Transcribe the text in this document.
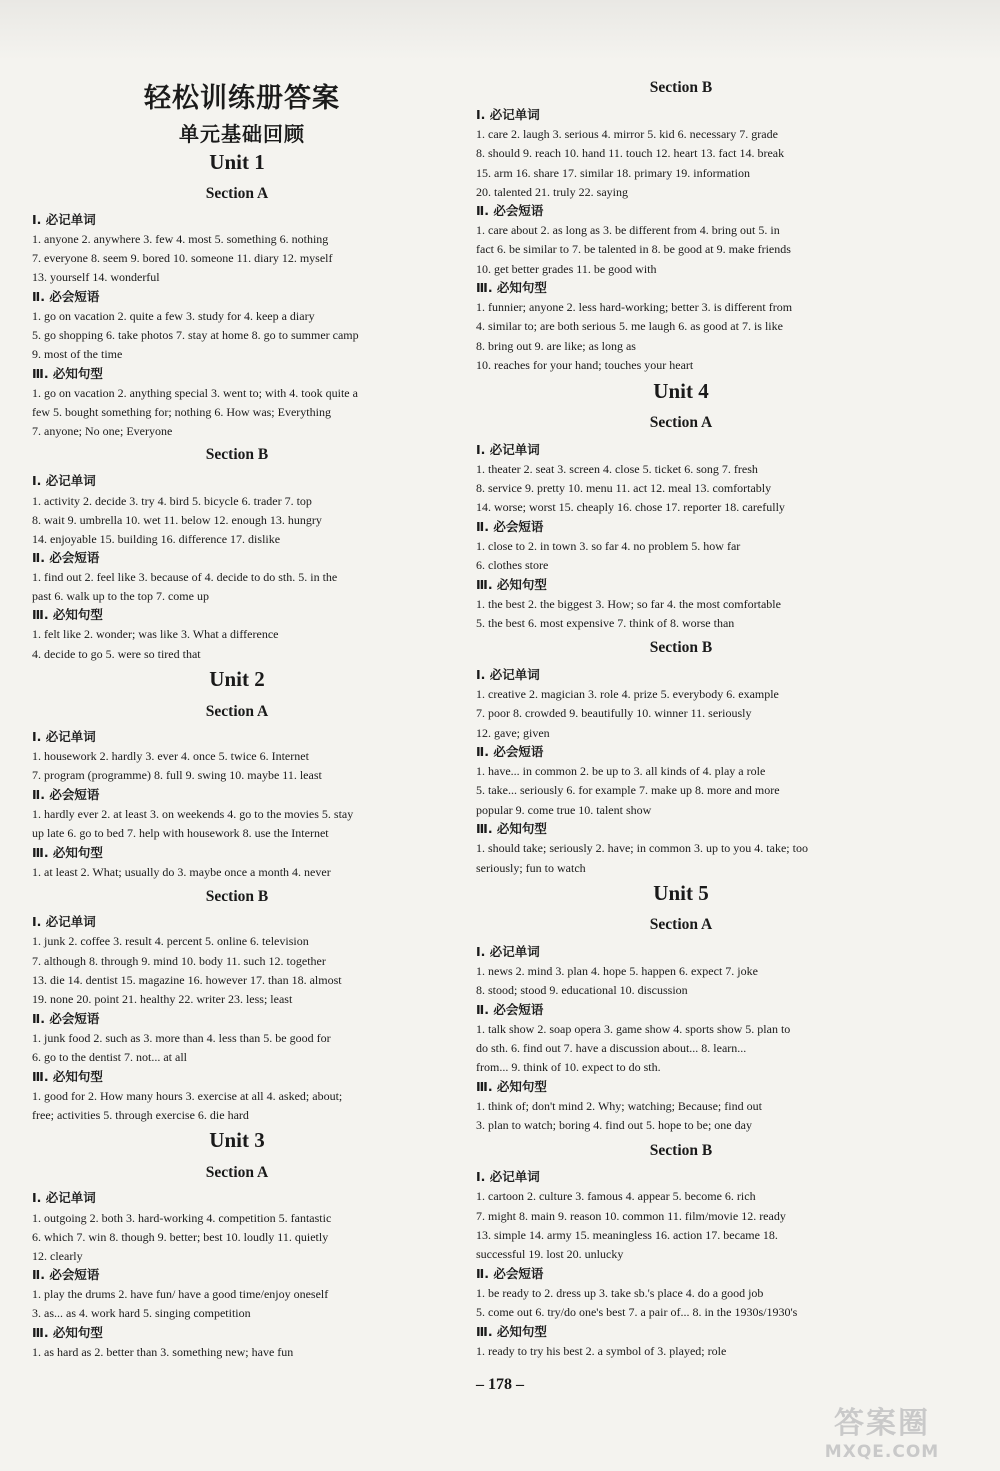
轻松训练册答案
单元基础回顾
Unit 1
Section A
Ⅰ. 必记单词
1. anyone 2. anywhere 3. few 4. most 5. something 6. nothing
7. everyone 8. seem 9. bored 10. someone 11. diary 12. myself
13. yourself 14. wonderful
Ⅱ. 必会短语
1. go on vacation 2. quite a few 3. study for 4. keep a diary
5. go shopping 6. take photos 7. stay at home 8. go to summer camp
9. most of the time
Ⅲ. 必知句型
1. go on vacation 2. anything special 3. went to; with 4. took quite a
few 5. bought something for; nothing 6. How was; Everything
7. anyone; No one; Everyone
Section B
Ⅰ. 必记单词
1. activity 2. decide 3. try 4. bird 5. bicycle 6. trader 7. top
8. wait 9. umbrella 10. wet 11. below 12. enough 13. hungry
14. enjoyable 15. building 16. difference 17. dislike
Ⅱ. 必会短语
1. find out 2. feel like 3. because of 4. decide to do sth. 5. in the
past 6. walk up to the top 7. come up
Ⅲ. 必知句型
1. felt like 2. wonder; was like 3. What a difference
4. decide to go 5. were so tired that
Unit 2
Section A
Ⅰ. 必记单词
1. housework 2. hardly 3. ever 4. once 5. twice 6. Internet
7. program (programme) 8. full 9. swing 10. maybe 11. least
Ⅱ. 必会短语
1. hardly ever 2. at least 3. on weekends 4. go to the movies 5. stay
up late 6. go to bed 7. help with housework 8. use the Internet
Ⅲ. 必知句型
1. at least 2. What; usually do 3. maybe once a month 4. never
Section B
Ⅰ. 必记单词
1. junk 2. coffee 3. result 4. percent 5. online 6. television
7. although 8. through 9. mind 10. body 11. such 12. together
13. die 14. dentist 15. magazine 16. however 17. than 18. almost
19. none 20. point 21. healthy 22. writer 23. less; least
Ⅱ. 必会短语
1. junk food 2. such as 3. more than 4. less than 5. be good for
6. go to the dentist 7. not... at all
Ⅲ. 必知句型
1. good for 2. How many hours 3. exercise at all 4. asked; about;
free; activities 5. through exercise 6. die hard
Unit 3
Section A
Ⅰ. 必记单词
1. outgoing 2. both 3. hard-working 4. competition 5. fantastic
6. which 7. win 8. though 9. better; best 10. loudly 11. quietly
12. clearly
Ⅱ. 必会短语
1. play the drums 2. have fun/ have a good time/enjoy oneself
3. as... as 4. work hard 5. singing competition
Ⅲ. 必知句型
1. as hard as 2. better than 3. something new; have fun
Section B
Ⅰ. 必记单词
1. care 2. laugh 3. serious 4. mirror 5. kid 6. necessary 7. grade
8. should 9. reach 10. hand 11. touch 12. heart 13. fact 14. break
15. arm 16. share 17. similar 18. primary 19. information
20. talented 21. truly 22. saying
Ⅱ. 必会短语
1. care about 2. as long as 3. be different from 4. bring out 5. in
fact 6. be similar to 7. be talented in 8. be good at 9. make friends
10. get better grades 11. be good with
Ⅲ. 必知句型
1. funnier; anyone 2. less hard-working; better 3. is different from
4. similar to; are both serious 5. me laugh 6. as good at 7. is like
8. bring out 9. are like; as long as
10. reaches for your hand; touches your heart
Unit 4
Section A
Ⅰ. 必记单词
1. theater 2. seat 3. screen 4. close 5. ticket 6. song 7. fresh
8. service 9. pretty 10. menu 11. act 12. meal 13. comfortably
14. worse; worst 15. cheaply 16. chose 17. reporter 18. carefully
Ⅱ. 必会短语
1. close to 2. in town 3. so far 4. no problem 5. how far
6. clothes store
Ⅲ. 必知句型
1. the best 2. the biggest 3. How; so far 4. the most comfortable
5. the best 6. most expensive 7. think of 8. worse than
Section B
Ⅰ. 必记单词
1. creative 2. magician 3. role 4. prize 5. everybody 6. example
7. poor 8. crowded 9. beautifully 10. winner 11. seriously
12. gave; given
Ⅱ. 必会短语
1. have... in common 2. be up to 3. all kinds of 4. play a role
5. take... seriously 6. for example 7. make up 8. more and more
popular 9. come true 10. talent show
Ⅲ. 必知句型
1. should take; seriously 2. have; in common 3. up to you 4. take; too
seriously; fun to watch
Unit 5
Section A
Ⅰ. 必记单词
1. news 2. mind 3. plan 4. hope 5. happen 6. expect 7. joke
8. stood; stood 9. educational 10. discussion
Ⅱ. 必会短语
1. talk show 2. soap opera 3. game show 4. sports show 5. plan to
do sth. 6. find out 7. have a discussion about... 8. learn...
from... 9. think of 10. expect to do sth.
Ⅲ. 必知句型
1. think of; don't mind 2. Why; watching; Because; find out
3. plan to watch; boring 4. find out 5. hope to be; one day
Section B
Ⅰ. 必记单词
1. cartoon 2. culture 3. famous 4. appear 5. become 6. rich
7. might 8. main 9. reason 10. common 11. film/movie 12. ready
13. simple 14. army 15. meaningless 16. action 17. became 18.
successful 19. lost 20. unlucky
Ⅱ. 必会短语
1. be ready to 2. dress up 3. take sb.'s place 4. do a good job
5. come out 6. try/do one's best 7. a pair of... 8. in the 1930s/1930's
Ⅲ. 必知句型
1. ready to try his best 2. a symbol of 3. played; role
– 178 –
答案圈
MXQE.COM
